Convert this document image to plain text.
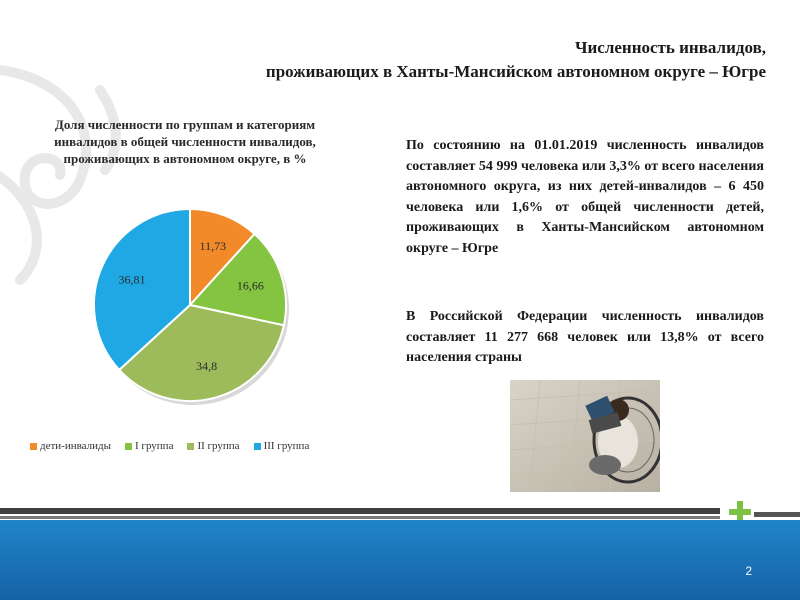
Численность инвалидов,
проживающих в Ханты-Мансийском автономном округе – Югре
Доля численности по группам и категориям инвалидов в общей численности инвалидов, проживающих в автономном округе, в %
11,73
16,66
34,8
36,81
дети-инвалиды I группа II группа III группа
По состоянию на 01.01.2019 численность инвалидов составляет 54 999 человека или 3,3% от всего населения автономного округа, из них детей-инвалидов – 6 450 человека или 1,6% от общей численности детей, проживающих в Ханты-Мансийском автономном округе – Югре
В Российской Федерации численность инвалидов составляет 11 277 668 человек или 13,8% от всего населения страны
2
